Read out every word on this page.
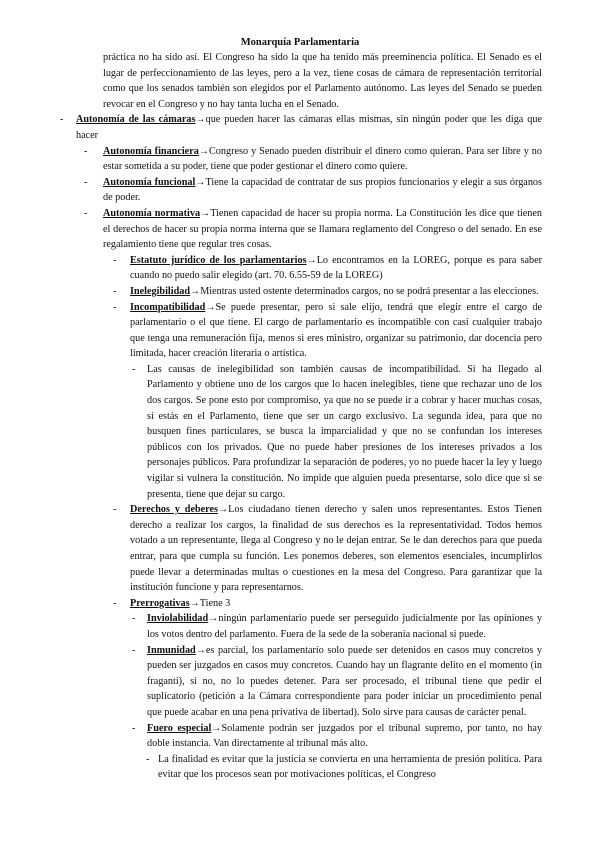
Monarquía Parlamentaria
práctica no ha sido así. El Congreso ha sido la que ha tenido más preeminencia política. El Senado es el lugar de perfeccionamiento de las leyes, pero a la vez, tiene cosas de cámara de representación territorial como que los senados también son elegidos por el Parlamento autónomo. Las leyes del Senado se pueden revocar en el Congreso y no hay tanta lucha en el Senado.
- Autonomía de las cámaras→que pueden hacer las cámaras ellas mismas, sin ningún poder que les diga que hacer
- Autonomía financiera→Congreso y Senado pueden distribuir el dinero como quieran. Para ser libre y no estar sometida a su poder, tiene que poder gestionar el dinero como quiere.
- Autonomía funcional→Tiene la capacidad de contratar de sus propios funcionarios y elegir a sus órganos de poder.
- Autonomía normativa→Tienen capacidad de hacer su propia norma. La Constitución les dice que tienen el derechos de hacer su propia norma interna que se llamara reglamento del Congreso o del senado. En ese regalamiento tiene que regular tres cosas.
- Estatuto jurídico de los parlamentarios→Lo encontramos en la LOREG, porque es para saber cuando no puedo salir elegido (art. 70. 6.55-59 de la LOREG)
- Inelegibilidad→Mientras usted ostente determinados cargos, no se podrá presentar a las elecciones.
- Incompatibilidad→Se puede presentar, pero si sale elijo, tendrá que elegir entre el cargo de parlamentario o el que tiene. El cargo de parlamentario es incompatible con casi cualquier trabajo que tenga una remuneración fija, menos si eres ministro, organizar su patrimonio, dar docencia pero limitada, hacer creación literaria o artística.
- Las causas de inelegibilidad son también causas de incompatibilidad. Si ha llegado al Parlamento y obtiene uno de los cargos que lo hacen inelegibles, tiene que rechazar uno de los dos cargos. Se pone esto por compromiso, ya que no se puede ir a cobrar y hacer muchas cosas, si estás en el Parlamento, tiene que ser un cargo exclusivo. La segunda idea, para que no busquen fines particulares, se busca la imparcialidad y que no se confundan los intereses públicos con los privados. Que no puede haber presiones de los intereses privados a los personajes públicos. Para profundizar la separación de poderes, yo no puede hacer la ley y luego vigilar si vulnera la constitución. No impide que alguien pueda presentarse, solo dice que si se presenta, tiene que dejar su cargo.
- Derechos y deberes→Los ciudadano tienen derecho y salen unos representantes. Estos Tienen derecho a realizar los cargos, la finalidad de sus derechos es la representatividad. Todos hemos votado a un representante, llega al Congreso y no le dejan entrar. Se le dan derechos para que pueda entrar, para que cumpla su función. Les ponemos deberes, son elementos esenciales, incumplirlos puede llevar a determinadas multas o cuestiones en la mesa del Congreso. Para garantizar que la institución funcione y para representarnos.
- Prerrogativas→Tiene 3
- Inviolabilidad→ningún parlamentario puede ser perseguido judicialmente por las opiniones y los votos dentro del parlamento. Fuera de la sede de la soberanía nacional si puede.
- Inmunidad→es parcial, los parlamentario solo puede ser detenidos en casos muy concretos y pueden ser juzgados en casos muy concretos. Cuando hay un flagrante delito en el momento (in fraganti), si no, no lo puedes detener. Para ser procesado, el tribunal tiene que pedir el suplicatorio (petición a la Cámara correspondiente para poder iniciar un procedimiento penal que puede acabar en una pena privativa de libertad). Solo sirve para causas de carácter penal.
- Fuero especial→Solamente podrán ser juzgados por el tribunal supremo, por tanto, no hay doble instancia. Van directamente al tribunal más alto.
- La finalidad es evitar que la justicia se convierta en una herramienta de presión política. Para evitar que los procesos sean por motivaciones políticas, el Congreso
